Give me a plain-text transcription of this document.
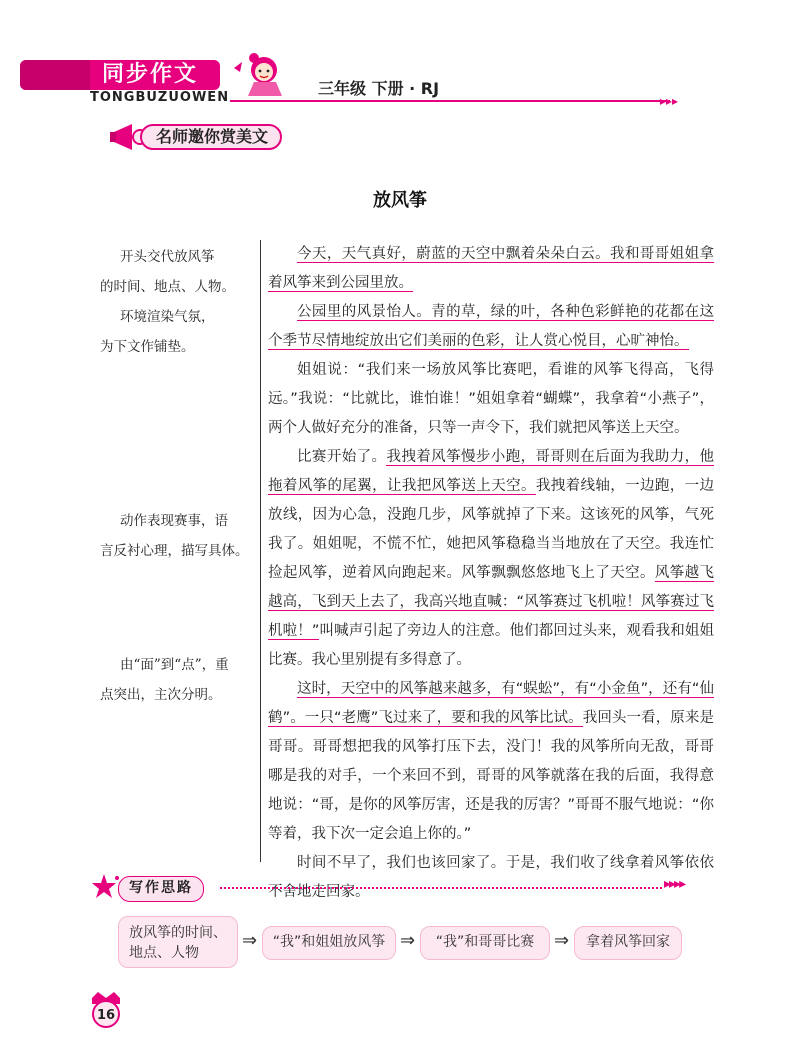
同步作文
TONGBUZUOWEN	三年级 下册 · RJ
▸▸▸
名师邀你赏美文
放风筝
开头交代放风筝
的时间、地点、人物。
环境渲染气氛，
为下文作铺垫。
动作表现赛事，语
言反衬心理，描写具体。
由“面”到“点”，重
点突出，主次分明。

今天，天气真好，蔚蓝的天空中飘着朵朵白云。我和哥哥姐姐拿着风筝来到公园里放。

公园里的风景怡人。青的草，绿的叶，各种色彩鲜艳的花都在这个季节尽情地绽放出它们美丽的色彩，让人赏心悦目，心旷神怡。

姐姐说：“我们来一场放风筝比赛吧，看谁的风筝飞得高，飞得远。”我说：“比就比，谁怕谁！”姐姐拿着“蝴蝶”，我拿着“小燕子”，两个人做好充分的准备，只等一声令下，我们就把风筝送上天空。

比赛开始了。我拽着风筝慢步小跑，哥哥则在后面为我助力，他拖着风筝的尾翼，让我把风筝送上天空。我拽着线轴，一边跑，一边放线，因为心急，没跑几步，风筝就掉了下来。这该死的风筝，气死我了。姐姐呢，不慌不忙，她把风筝稳稳当当地放在了天空。我连忙捡起风筝，逆着风向跑起来。风筝飘飘悠悠地飞上了天空。风筝越飞越高，飞到天上去了，我高兴地直喊：“风筝赛过飞机啦！风筝赛过飞机啦！”叫喊声引起了旁边人的注意。他们都回过头来，观看我和姐姐比赛。我心里别提有多得意了。

这时，天空中的风筝越来越多，有“蜈蚣”，有“小金鱼”，还有“仙鹤”。一只“老鹰”飞过来了，要和我的风筝比试。我回头一看，原来是哥哥。哥哥想把我的风筝打压下去，没门！我的风筝所向无敌，哥哥哪是我的对手，一个来回不到，哥哥的风筝就落在我的后面，我得意地说：“哥，是你的风筝厉害，还是我的厉害？”哥哥不服气地说：“你等着，我下次一定会追上你的。”

时间不早了，我们也该回家了。于是，我们收了线拿着风筝依依不舍地走回家。

写作思路	▸▸▸▸
放风筝的时间、地点、人物
⇒	“我”和姐姐放风筝 ⇒	“我”和哥哥比赛	⇒	拿着风筝回家
16
